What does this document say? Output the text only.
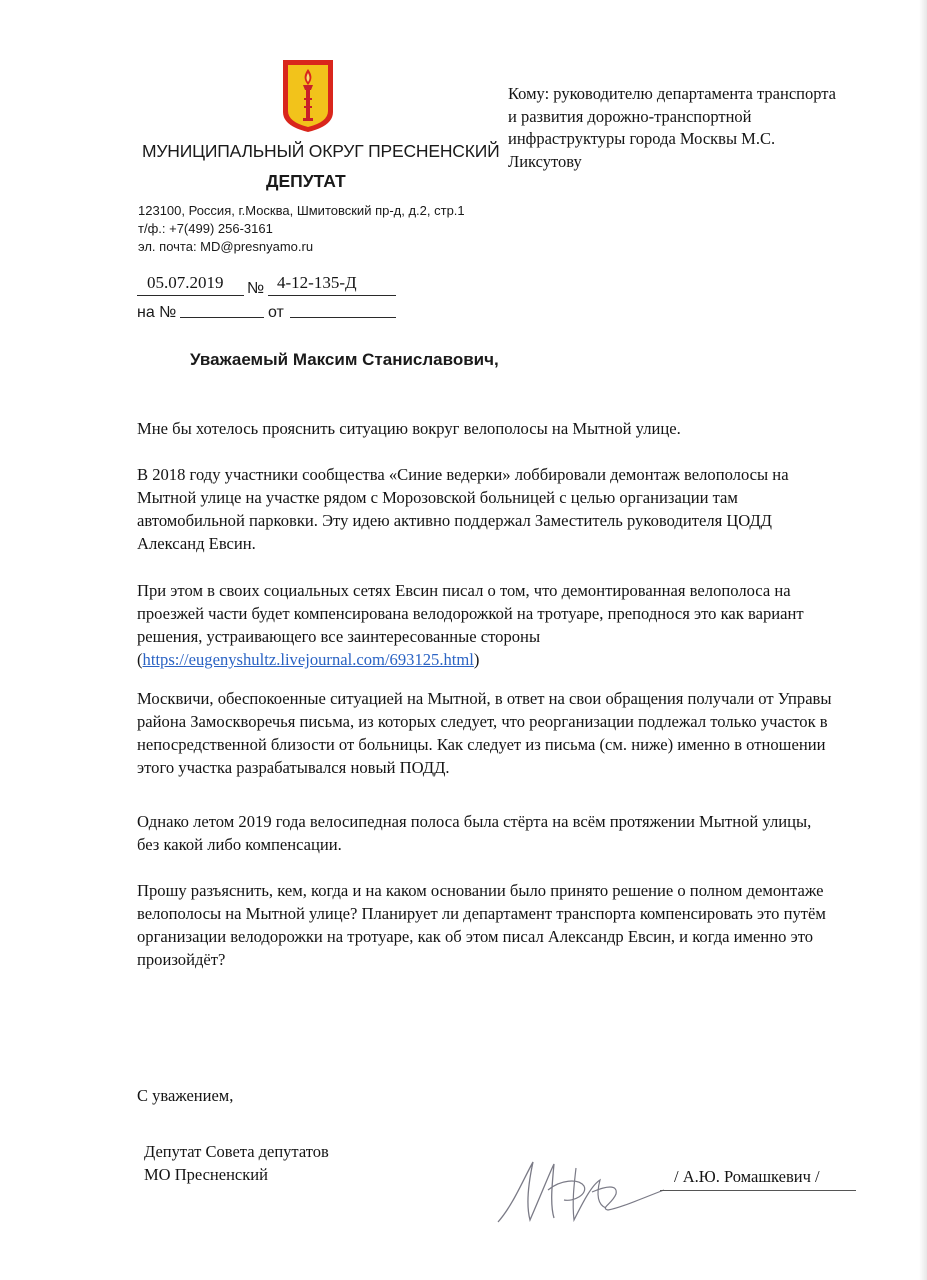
МУНИЦИПАЛЬНЫЙ ОКРУГ ПРЕСНЕНСКИЙ
ДЕПУТАТ
123100, Россия, г.Москва, Шмитовский пр-д, д.2, стр.1
т/ф.: +7(499) 256-3161
эл. почта: MD@presnyamo.ru
05.07.2019 № 4-12-135-Д
на №	от
Кому: руководителю департамента транспорта и развития дорожно-транспортной инфраструктуры города Москвы М.С. Ликсутову
Уважаемый Максим Станиславович,
Мне бы хотелось прояснить ситуацию вокруг велополосы на Мытной улице.
В 2018 году участники сообщества «Синие ведерки» лоббировали демонтаж велополосы на Мытной улице на участке рядом с Морозовской больницей с целью организации там автомобильной парковки. Эту идею активно поддержал Заместитель руководителя ЦОДД Александ Евсин.
При этом в своих социальных сетях Евсин писал о том, что демонтированная велополоса на проезжей части будет компенсирована велодорожкой на тротуаре, преподнося это как вариант решения, устраивающего все заинтересованные стороны (https://eugenyshultz.livejournal.com/693125.html)
Москвичи, обеспокоенные ситуацией на Мытной, в ответ на свои обращения получали от Управы района Замоскворечья письма, из которых следует, что реорганизации подлежал только участок в непосредственной близости от больницы. Как следует из письма (см. ниже) именно в отношении этого участка разрабатывался новый ПОДД.
Однако летом 2019 года велосипедная полоса была стёрта на всём протяжении Мытной улицы, без какой либо компенсации.
Прошу разъяснить, кем, когда и на каком основании было принято решение о полном демонтаже велополосы на Мытной улице? Планирует ли департамент транспорта компенсировать это путём организации велодорожки на тротуаре, как об этом писал Александр Евсин, и когда именно это произойдёт?
С уважением,
Депутат Совета депутатов
МО Пресненский	/ А.Ю. Ромашкевич /
